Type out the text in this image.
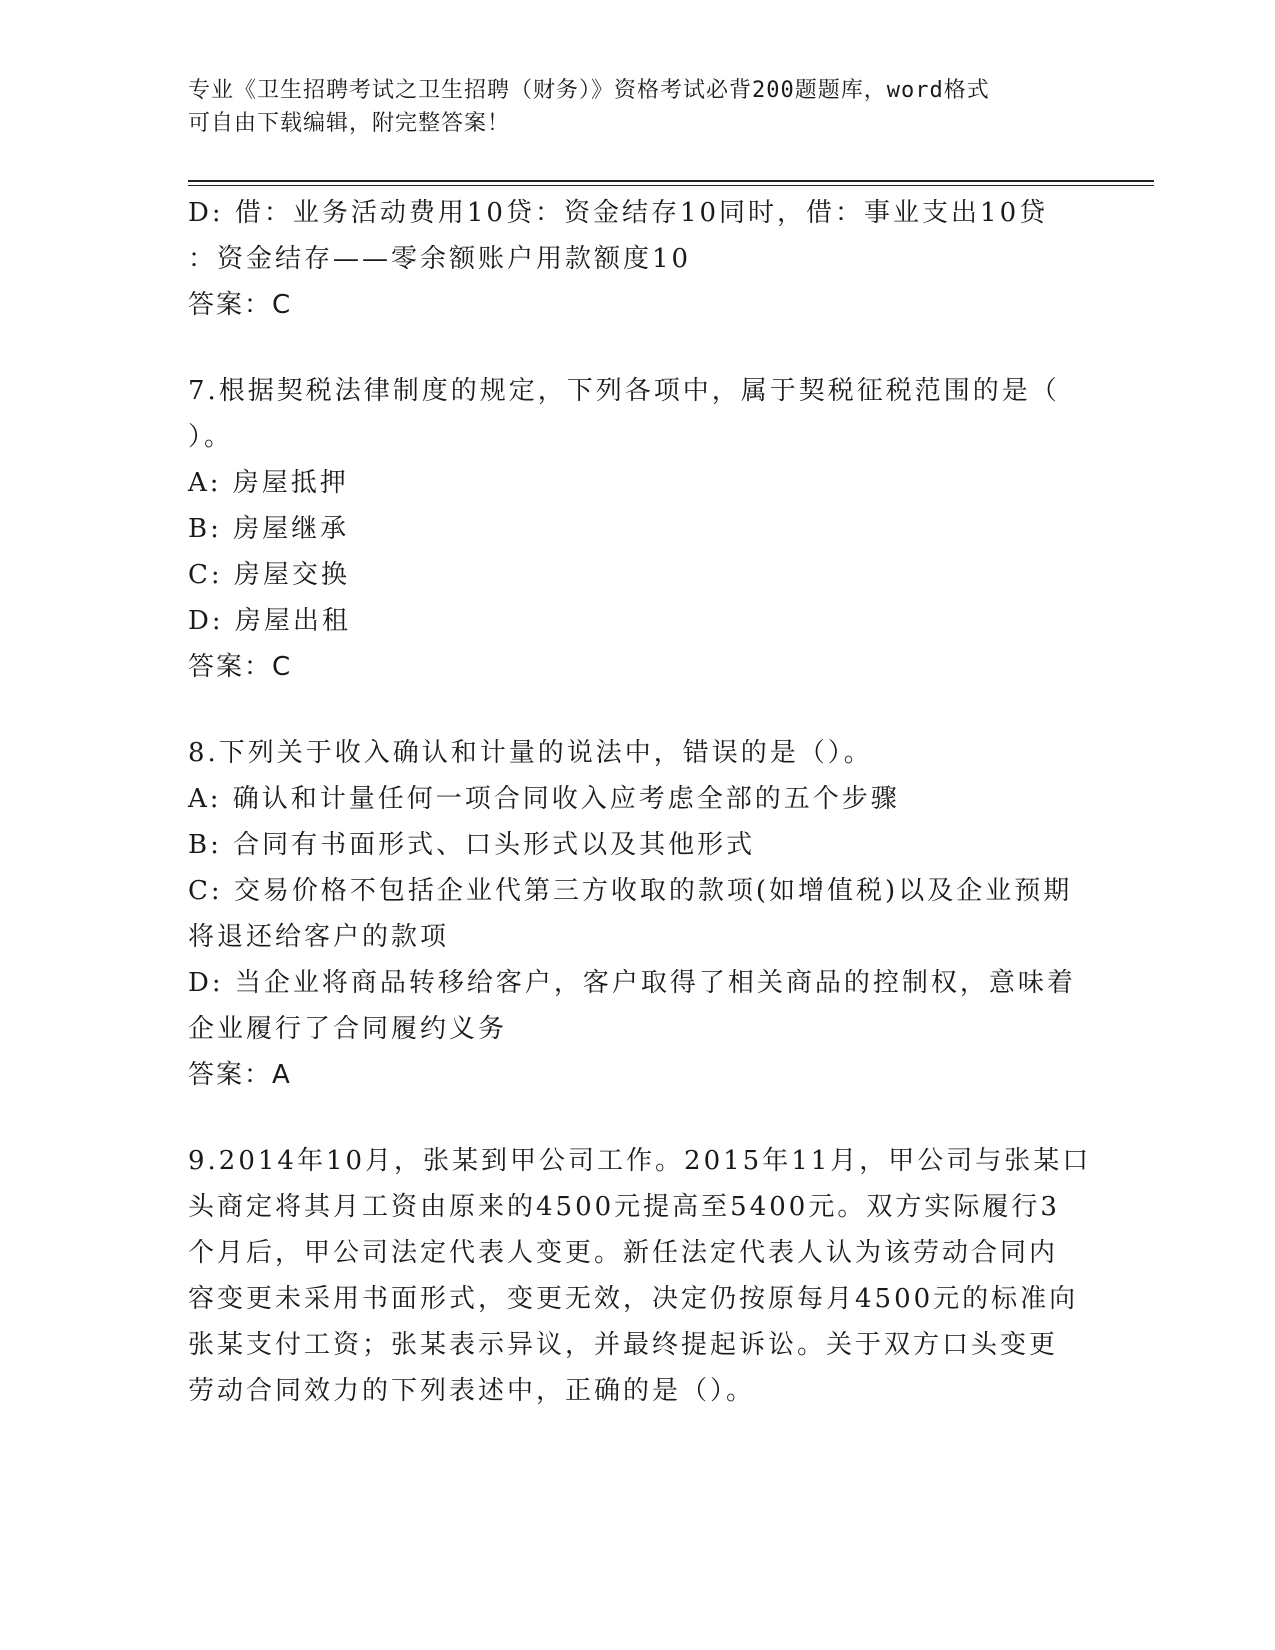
专业《卫生招聘考试之卫生招聘（财务）》资格考试必背200题题库，word格式
可自由下载编辑，附完整答案！
D: 借：业务活动费用10贷：资金结存10同时，借：事业支出10贷
：资金结存——零余额账户用款额度10
答案：C
7.根据契税法律制度的规定，下列各项中，属于契税征税范围的是（
）。
A: 房屋抵押
B: 房屋继承
C: 房屋交换
D: 房屋出租
答案：C
8.下列关于收入确认和计量的说法中，错误的是（）。
A: 确认和计量任何一项合同收入应考虑全部的五个步骤
B: 合同有书面形式、口头形式以及其他形式
C: 交易价格不包括企业代第三方收取的款项(如增值税)以及企业预期
将退还给客户的款项
D: 当企业将商品转移给客户，客户取得了相关商品的控制权，意味着
企业履行了合同履约义务
答案：A
9.2014年10月，张某到甲公司工作。2015年11月，甲公司与张某口
头商定将其月工资由原来的4500元提高至5400元。双方实际履行3
个月后，甲公司法定代表人变更。新任法定代表人认为该劳动合同内
容变更未采用书面形式，变更无效，决定仍按原每月4500元的标准向
张某支付工资；张某表示异议，并最终提起诉讼。关于双方口头变更
劳动合同效力的下列表述中，正确的是（）。
